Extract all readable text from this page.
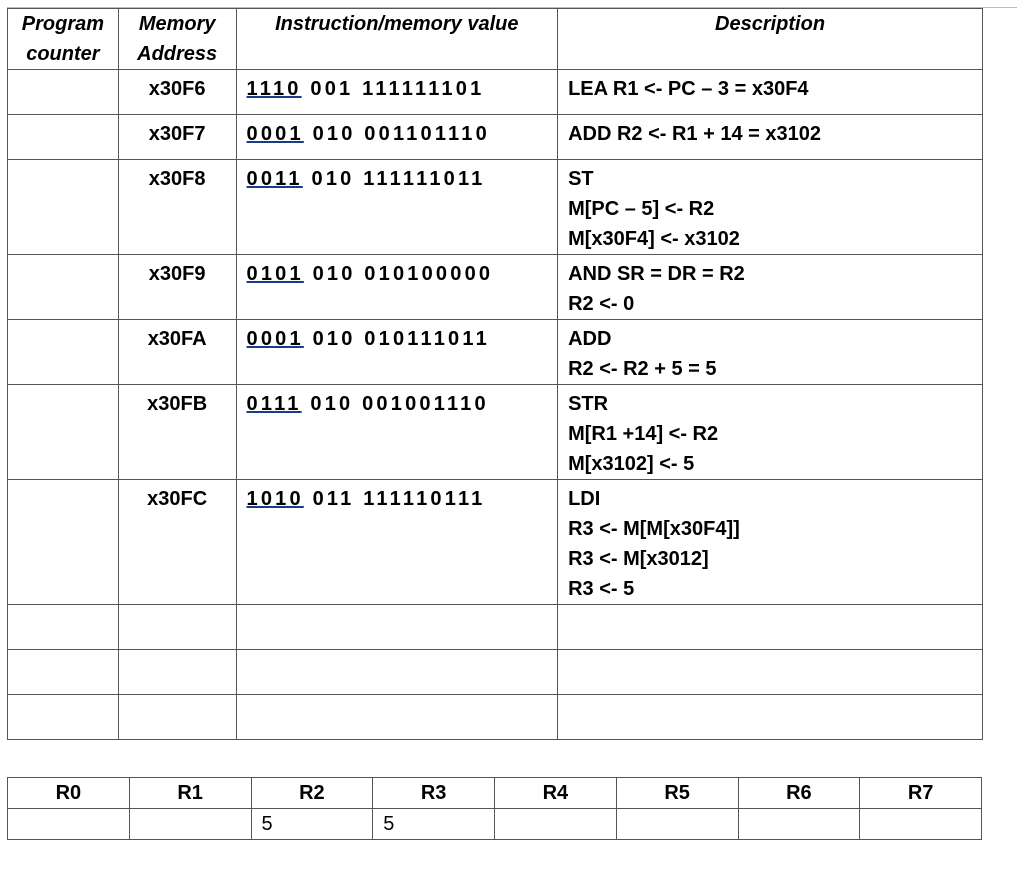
Program counter	Memory Address	Instruction/memory value	Description
	x30F6	1110 001 111111101	LEA R1 <- PC – 3 = x30F4

	x30F7	0001 010 001101110	ADD R2 <- R1 + 14 = x3102

	x30F8	0011 010 111111011	ST
M[PC – 5] <- R2
M[x30F4] <- x3102

	x30F9	0101 010 010100000	AND SR = DR = R2
R2 <- 0

	x30FA	0001 010 010111011	ADD
R2 <- R2 + 5 = 5

	x30FB	0111 010 001001110	STR
M[R1 +14] <- R2
M[x3102] <- 5

	x30FC	1010 011 111110111	LDI
R3 <- M[M[x30F4]]
R3 <- M[x3012]
R3 <- 5

R0	R1	R2	R3	R4	R5	R6	R7
		5	5				
